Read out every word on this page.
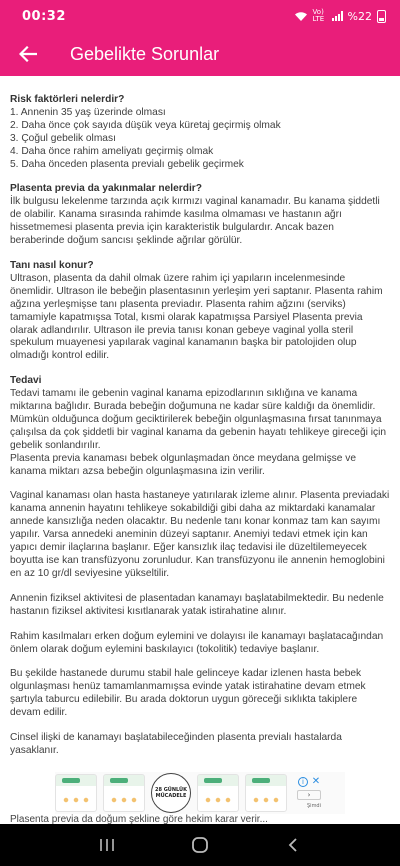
00:32	Vo) LTE %22
Gebelikte Sorunlar
Risk faktörleri nelerdir?
1. Annenin 35 yaş üzerinde olması
2. Daha önce çok sayıda düşük veya küretaj geçirmiş olmak
3. Çoğul gebelik olması
4. Daha önce rahim ameliyatı geçirmiş olmak
5. Daha önceden plasenta previalı gebelik geçirmek
Plasenta previa da yakınmalar nelerdir?
İlk bulgusu lekelenme tarzında açık kırmızı vaginal kanamadır. Bu kanama şiddetli de olabilir. Kanama sırasında rahimde kasılma olmaması ve hastanın ağrı hissetmemesi plasenta previa için karakteristik bulgulardır. Ancak bazen beraberinde doğum sancısı şeklinde ağrılar görülür.
Tanı nasıl konur?
Ultrason, plasenta da dahil olmak üzere rahim içi yapıların incelenmesinde önemlidir. Ultrason ile bebeğin plasentasının yerleşim yeri saptanır. Plasenta rahim ağzına yerleşmişse tanı plasenta previadır. Plasenta rahim ağzını (serviks) tamamiyle kapatmışsa Total, kısmi olarak kapatmışsa Parsiyel Plasenta previa olarak adlandırılır. Ultrason ile previa tanısı konan gebeye vaginal yolla steril spekulum muayenesi yapılarak vaginal kanamanın başka bir patolojiden olup olmadığı kontrol edilir.
Tedavi
Tedavi tamamı ile gebenin vaginal kanama epizodlarının sıklığına ve kanama miktarına bağlıdır. Burada bebeğin doğumuna ne kadar süre kaldığı da önemlidir. Mümkün olduğunca doğum geciktirilerek bebeğin olgunlaşmasına fırsat tanınmaya çalışılsa da çok şiddetli bir vaginal kanama da gebenin hayatı tehlikeye gireceği için gebelik sonlandırılır.
Plasenta previa kanaması bebek olgunlaşmadan önce meydana gelmişse ve kanama miktarı azsa bebeğin olgunlaşmasına izin verilir.
Vaginal kanaması olan hasta hastaneye yatırılarak izleme alınır. Plasenta previadaki kanama annenin hayatını tehlikeye sokabildiği gibi daha az miktardaki kanamalar annede kansızlığa neden olacaktır. Bu nedenle tanı konar konmaz tam kan sayımı yapılır. Varsa annedeki aneminin düzeyi saptanır. Anemiyi tedavi etmek için kan yapıcı demir ilaçlarına başlanır. Eğer kansızlık ilaç tedavisi ile düzeltilemeyecek boyutta ise kan transfüzyonu zorunludur. Kan transfüzyonu ile annenin hemoglobini en az 10 gr/dl seviyesine yükseltilir.
Annenin fiziksel aktivitesi de plasentadan kanamayı başlatabilmektedir. Bu nedenle hastanın fiziksel aktivitesi kısıtlanarak yatak istirahatine alınır.
Rahim kasılmaları erken doğum eylemini ve dolayısı ile kanamayı başlatacağından önlem olarak doğum eylemini baskılayıcı (tokolitik) tedaviye başlanır.
Bu şekilde hastanede durumu stabil hale gelinceye kadar izlenen hasta bebek olgunlaşması henüz tamamlanmamışsa evinde yatak istirahatine devam etmek şartıyla taburcu edilebilir. Bu arada doktorun uygun göreceği sıklıkta takiplere devam edilir.
Cinsel ilişki de kanamayı başlatabileceğinden plasenta previalı hastalarda yasaklanır.
28 GÜNLÜK MÜCADELE
i ✕
›
Şimdi
Plasenta previa da doğum şekline göre hekim karar verir...
